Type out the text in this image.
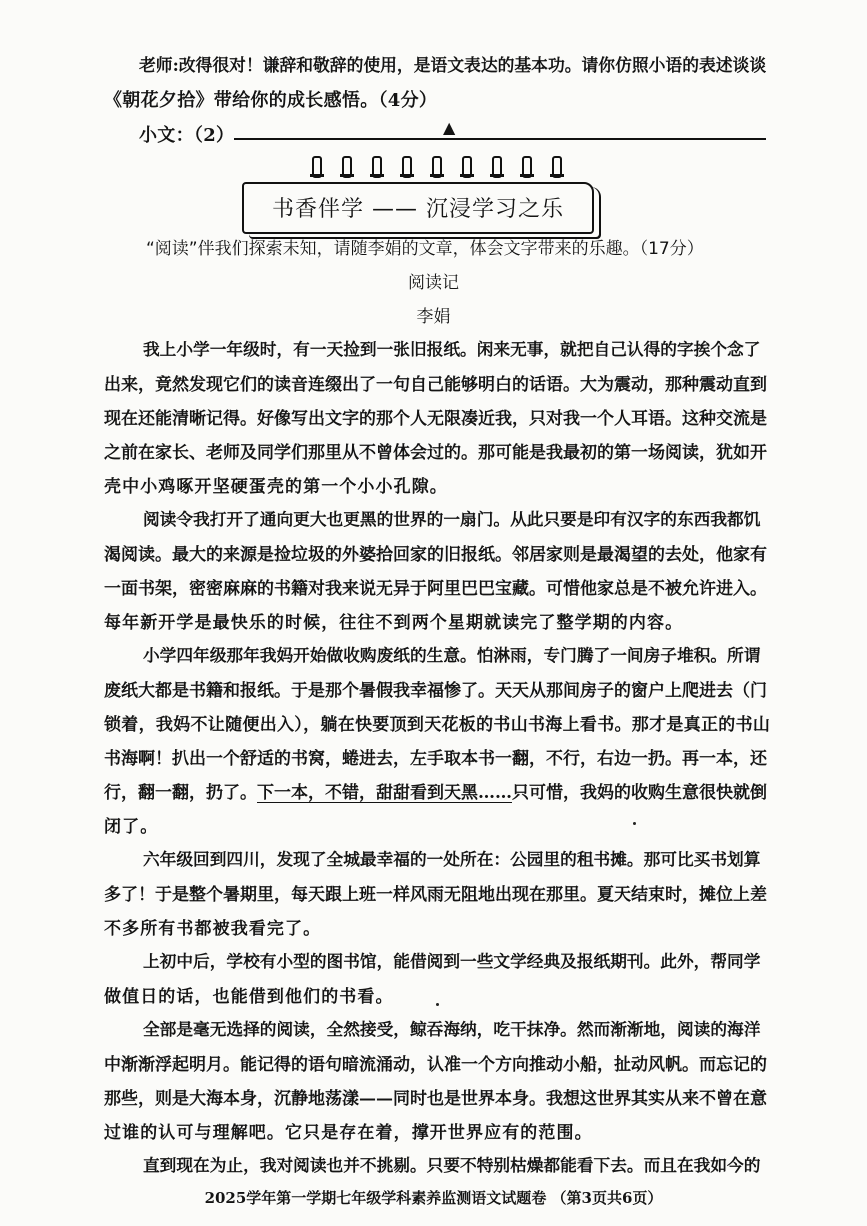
老师:改得很对！谦辞和敬辞的使用，是语文表达的基本功。请你仿照小语的表述谈谈
《朝花夕拾》带给你的成长感悟。（4分）
小文：（2）	▲
书香伴学 —— 沉浸学习之乐
“阅读”伴我们探索未知，请随李娟的文章，体会文字带来的乐趣。（17分）
阅读记
李娟
我上小学一年级时，有一天捡到一张旧报纸。闲来无事，就把自己认得的字挨个念了
出来，竟然发现它们的读音连缀出了一句自己能够明白的话语。大为震动，那种震动直到
现在还能清晰记得。好像写出文字的那个人无限凑近我，只对我一个人耳语。这种交流是
之前在家长、老师及同学们那里从不曾体会过的。那可能是我最初的第一场阅读，犹如开
壳中小鸡啄开坚硬蛋壳的第一个小小孔隙。
阅读令我打开了通向更大也更黑的世界的一扇门。从此只要是印有汉字的东西我都饥
渴阅读。最大的来源是捡垃圾的外婆拾回家的旧报纸。邻居家则是最渴望的去处，他家有
一面书架，密密麻麻的书籍对我来说无异于阿里巴巴宝藏。可惜他家总是不被允许进入。
每年新开学是最快乐的时候，往往不到两个星期就读完了整学期的内容。
小学四年级那年我妈开始做收购废纸的生意。怕淋雨，专门腾了一间房子堆积。所谓
废纸大都是书籍和报纸。于是那个暑假我幸福惨了。天天从那间房子的窗户上爬进去（门
锁着，我妈不让随便出入），躺在快要顶到天花板的书山书海上看书。那才是真正的书山
书海啊！扒出一个舒适的书窝，蜷进去，左手取本书一翻，不行，右边一扔。再一本，还
行，翻一翻，扔了。下一本，不错，甜甜看到天黑……只可惜，我妈的收购生意很快就倒
闭了。
六年级回到四川，发现了全城最幸福的一处所在：公园里的租书摊。那可比买书划算
多了！于是整个暑期里，每天跟上班一样风雨无阻地出现在那里。夏天结束时，摊位上差
不多所有书都被我看完了。
上初中后，学校有小型的图书馆，能借阅到一些文学经典及报纸期刊。此外，帮同学
做值日的话，也能借到他们的书看。
全部是毫无选择的阅读，全然接受，鲸吞海纳，吃干抹净。然而渐渐地，阅读的海洋
中渐渐浮起明月。能记得的语句暗流涌动，认准一个方向推动小船，扯动风帆。而忘记的
那些，则是大海本身，沉静地荡漾——同时也是世界本身。我想这世界其实从来不曾在意
过谁的认可与理解吧。它只是存在着，撑开世界应有的范围。
直到现在为止，我对阅读也并不挑剔。只要不特别枯燥都能看下去。而且在我如今的
2025学年第一学期七年级学科素养监测语文试题卷 （第3页共6页）
